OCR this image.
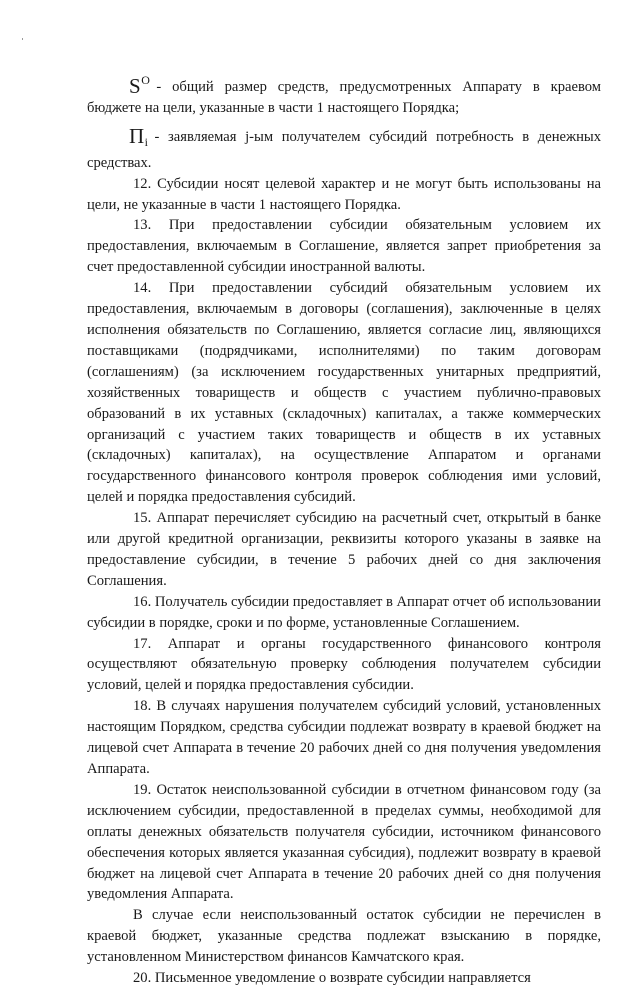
$S^O$ - общий размер средств, предусмотренных Аппарату в краевом бюджете на цели, указанные в части 1 настоящего Порядка;

$П_i$ - заявляемая j-ым получателем субсидий потребность в денежных средствах.

12. Субсидии носят целевой характер и не могут быть использованы на цели, не указанные в части 1 настоящего Порядка.

13. При предоставлении субсидии обязательным условием их предоставления, включаемым в Соглашение, является запрет приобретения за счет предоставленной субсидии иностранной валюты.

14. При предоставлении субсидий обязательным условием их предоставления, включаемым в договоры (соглашения), заключенные в целях исполнения обязательств по Соглашению, является согласие лиц, являющихся поставщиками (подрядчиками, исполнителями) по таким договорам (соглашениям) (за исключением государственных унитарных предприятий, хозяйственных товариществ и обществ с участием публично-правовых образований в их уставных (складочных) капиталах, а также коммерческих организаций с участием таких товариществ и обществ в их уставных (складочных) капиталах), на осуществление Аппаратом и органами государственного финансового контроля проверок соблюдения ими условий, целей и порядка предоставления субсидий.

15. Аппарат перечисляет субсидию на расчетный счет, открытый в банке или другой кредитной организации, реквизиты которого указаны в заявке на предоставление субсидии, в течение 5 рабочих дней со дня заключения Соглашения.

16. Получатель субсидии предоставляет в Аппарат отчет об использовании субсидии в порядке, сроки и по форме, установленные Соглашением.

17. Аппарат и органы государственного финансового контроля осуществляют обязательную проверку соблюдения получателем субсидии условий, целей и порядка предоставления субсидии.

18. В случаях нарушения получателем субсидий условий, установленных настоящим Порядком, средства субсидии подлежат возврату в краевой бюджет на лицевой счет Аппарата в течение 20 рабочих дней со дня получения уведомления Аппарата.

19. Остаток неиспользованной субсидии в отчетном финансовом году (за исключением субсидии, предоставленной в пределах суммы, необходимой для оплаты денежных обязательств получателя субсидии, источником финансового обеспечения которых является указанная субсидия), подлежит возврату в краевой бюджет на лицевой счет Аппарата в течение 20 рабочих дней со дня получения уведомления Аппарата.

В случае если неиспользованный остаток субсидии не перечислен в краевой бюджет, указанные средства подлежат взысканию в порядке, установленном Министерством финансов Камчатского края.

20. Письменное уведомление о возврате субсидии направляется
